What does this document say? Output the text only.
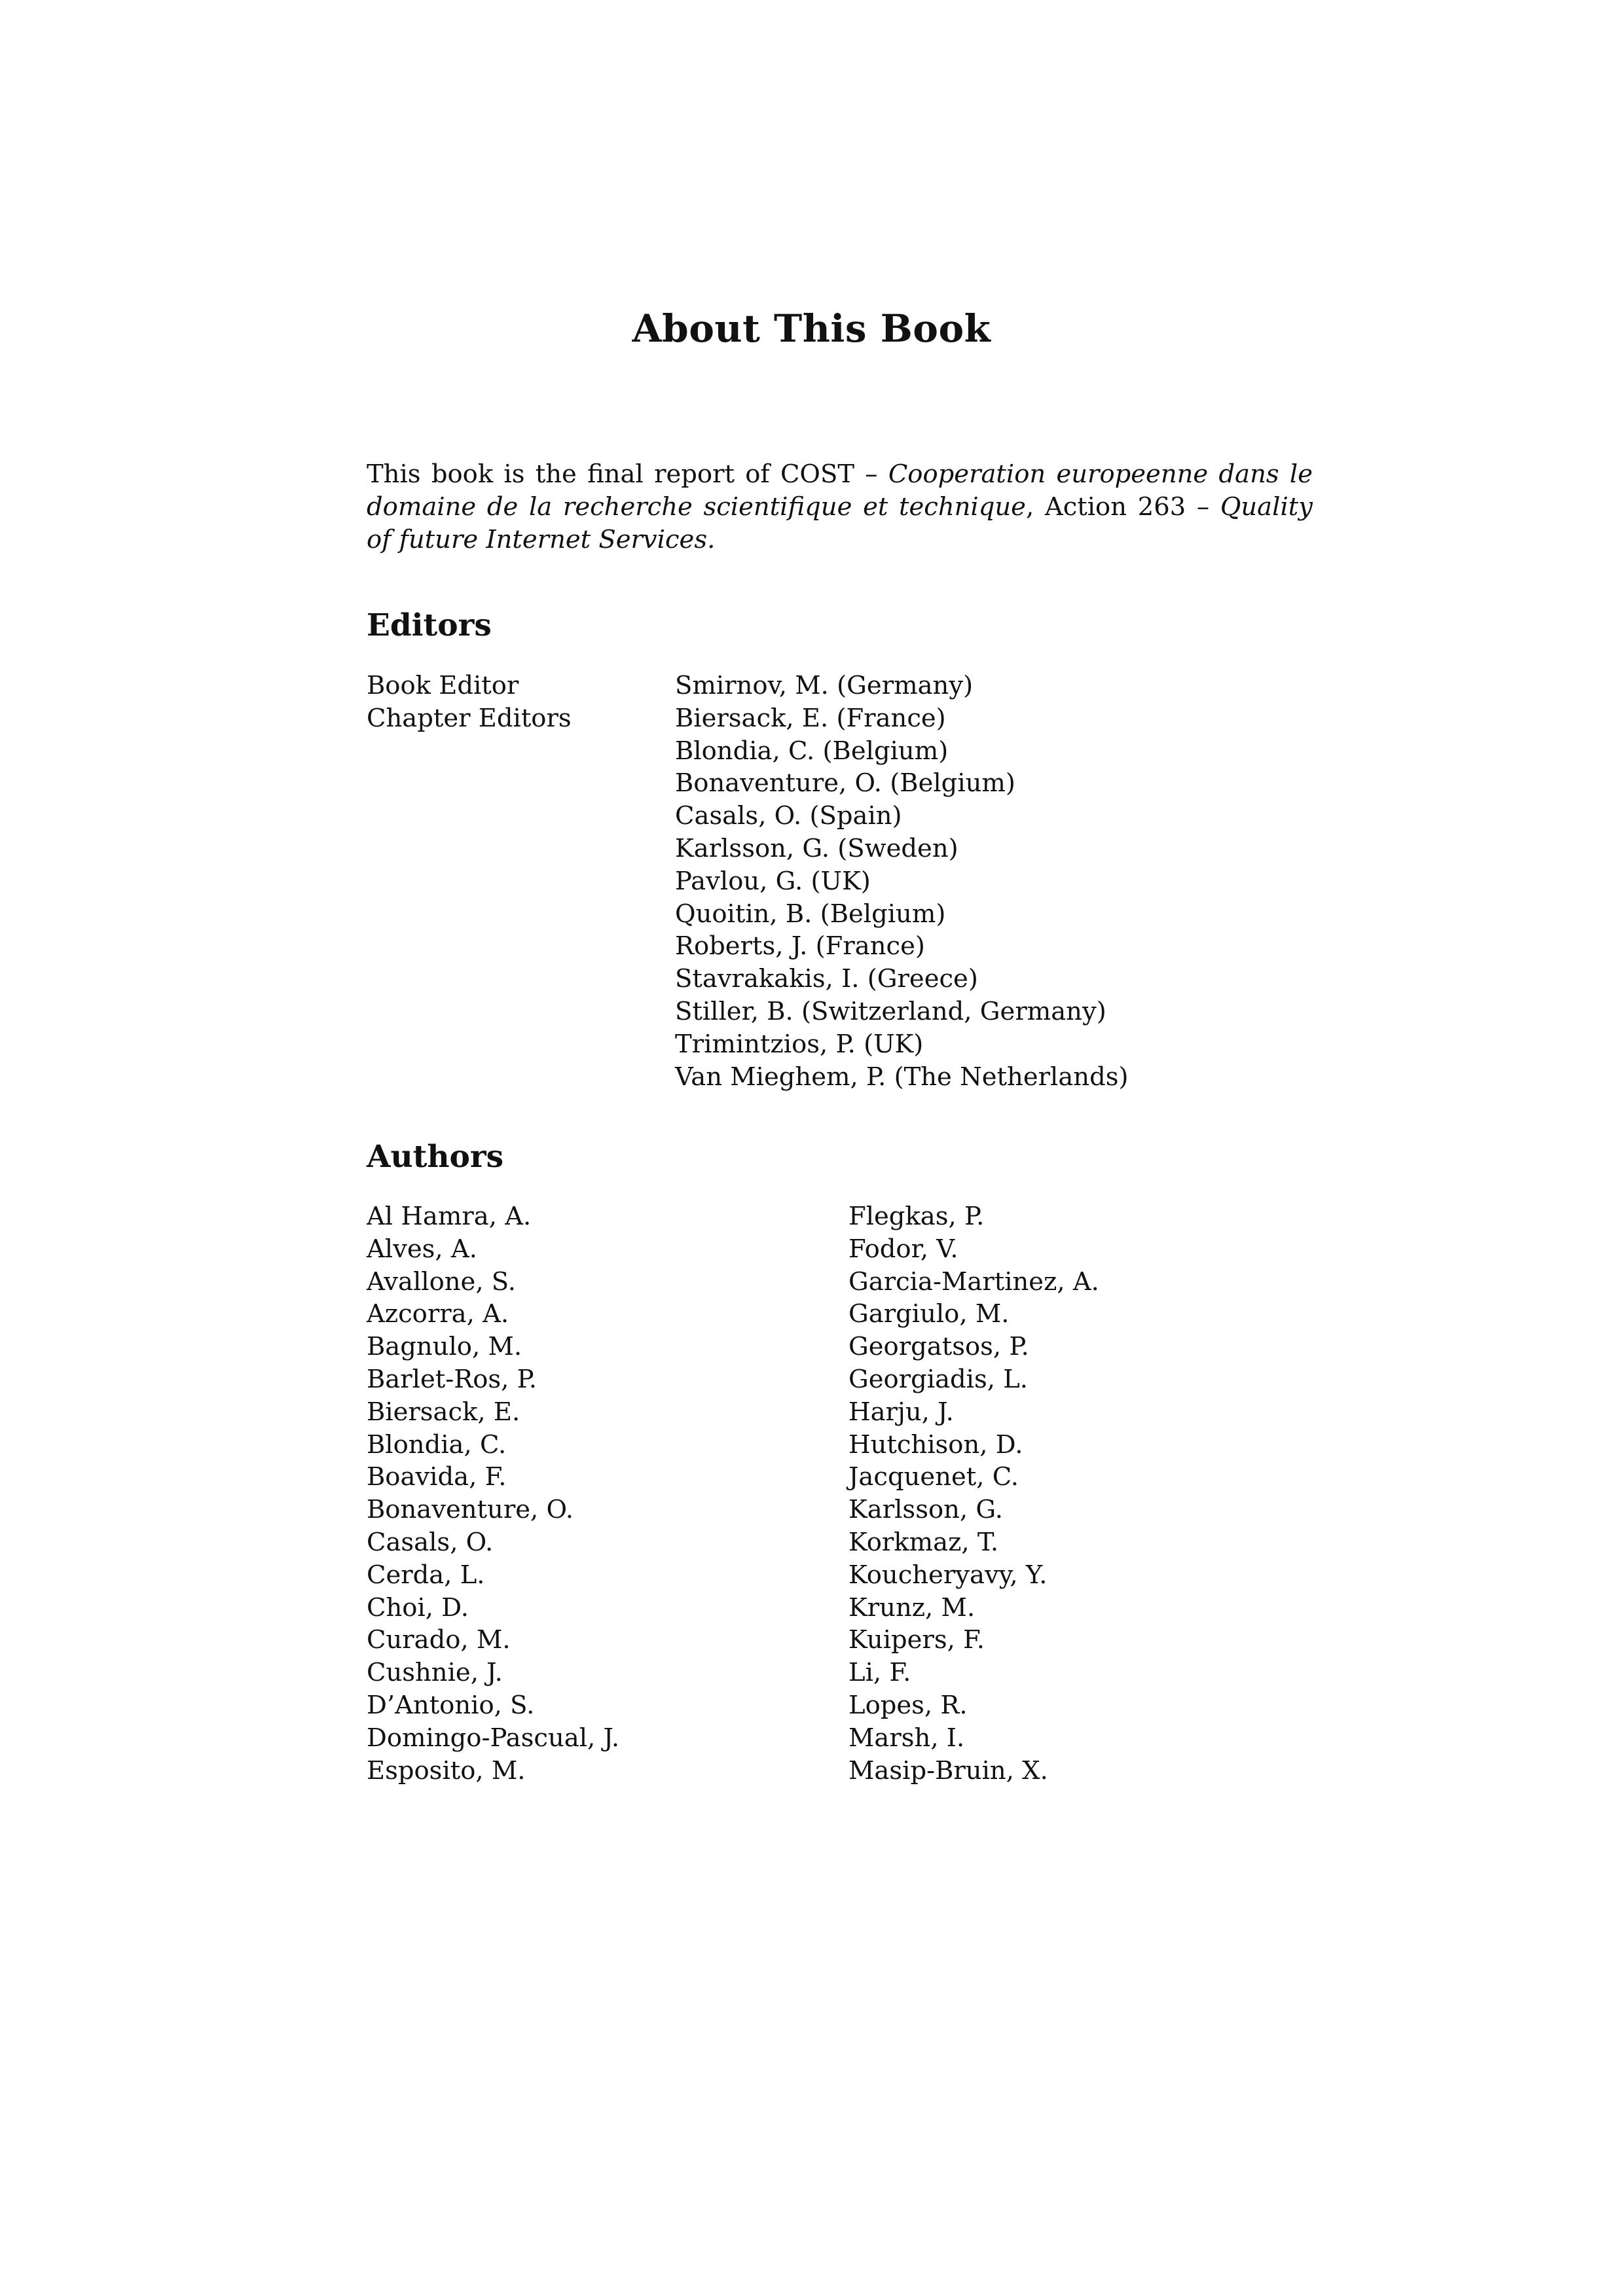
About This Book
This book is the final report of COST – Cooperation europeenne dans le domaine de la recherche scientifique et technique, Action 263 – Quality of future Internet Services.
Editors
Book Editor
Chapter Editors
Smirnov, M. (Germany)
Biersack, E. (France)
Blondia, C. (Belgium)
Bonaventure, O. (Belgium)
Casals, O. (Spain)
Karlsson, G. (Sweden)
Pavlou, G. (UK)
Quoitin, B. (Belgium)
Roberts, J. (France)
Stavrakakis, I. (Greece)
Stiller, B. (Switzerland, Germany)
Trimintzios, P. (UK)
Van Mieghem, P. (The Netherlands)
Authors
Al Hamra, A.
Alves, A.
Avallone, S.
Azcorra, A.
Bagnulo, M.
Barlet-Ros, P.
Biersack, E.
Blondia, C.
Boavida, F.
Bonaventure, O.
Casals, O.
Cerda, L.
Choi, D.
Curado, M.
Cushnie, J.
D’Antonio, S.
Domingo-Pascual, J.
Esposito, M.
Flegkas, P.
Fodor, V.
Garcia-Martinez, A.
Gargiulo, M.
Georgatsos, P.
Georgiadis, L.
Harju, J.
Hutchison, D.
Jacquenet, C.
Karlsson, G.
Korkmaz, T.
Koucheryavy, Y.
Krunz, M.
Kuipers, F.
Li, F.
Lopes, R.
Marsh, I.
Masip-Bruin, X.
